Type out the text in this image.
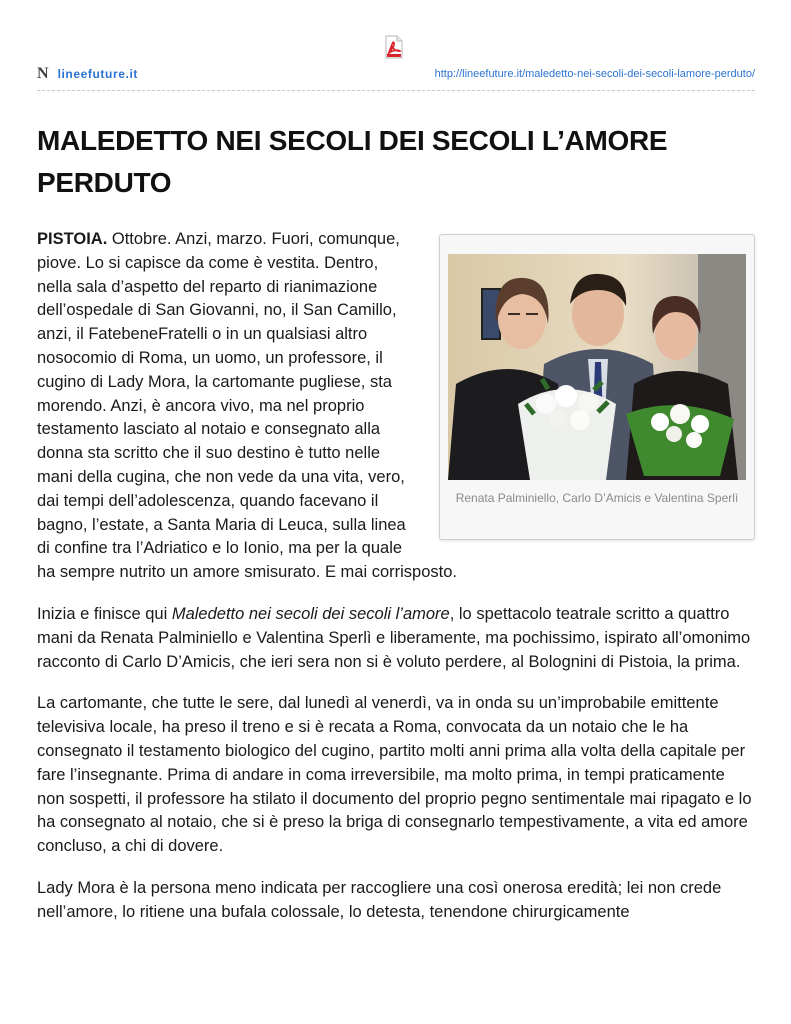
N lineefuture.it	http://lineefuture.it/maledetto-nei-secoli-dei-secoli-lamore-perduto/
MALEDETTO NEI SECOLI DEI SECOLI L’AMORE PERDUTO
Renata Palminiello, Carlo D’Amicis e Valentina Sperlì

PISTOIA. Ottobre. Anzi, marzo. Fuori, comunque, piove. Lo si capisce da come è vestita. Dentro, nella sala d’aspetto del reparto di rianimazione dell’ospedale di San Giovanni, no, il San Camillo, anzi, il FatebeneFratelli o in un qualsiasi altro nosocomio di Roma, un uomo, un professore, il cugino di Lady Mora, la cartomante pugliese, sta morendo. Anzi, è ancora vivo, ma nel proprio testamento lasciato al notaio e consegnato alla donna sta scritto che il suo destino è tutto nelle mani della cugina, che non vede da una vita, vero, dai tempi dell’adolescenza, quando facevano il bagno, l’estate, a Santa Maria di Leuca, sulla linea di confine tra l’Adriatico e lo Ionio, ma per la quale ha sempre nutrito un amore smisurato. E mai corrisposto.

Inizia e finisce qui Maledetto nei secoli dei secoli l’amore, lo spettacolo teatrale scritto a quattro mani da Renata Palminiello e Valentina Sperlì e liberamente, ma pochissimo, ispirato all’omonimo racconto di Carlo D’Amicis, che ieri sera non si è voluto perdere, al Bolognini di Pistoia, la prima.

La cartomante, che tutte le sere, dal lunedì al venerdì, va in onda su un’improbabile emittente televisiva locale, ha preso il treno e si è recata a Roma, convocata da un notaio che le ha consegnato il testamento biologico del cugino, partito molti anni prima alla volta della capitale per fare l’insegnante. Prima di andare in coma irreversibile, ma molto prima, in tempi praticamente non sospetti, il professore ha stilato il documento del proprio pegno sentimentale mai ripagato e lo ha consegnato al notaio, che si è preso la briga di consegnarlo tempestivamente, a vita ed amore concluso, a chi di dovere.

Lady Mora è la persona meno indicata per raccogliere una così onerosa eredità; lei non crede nell’amore, lo ritiene una bufala colossale, lo detesta, tenendone chirurgicamente
